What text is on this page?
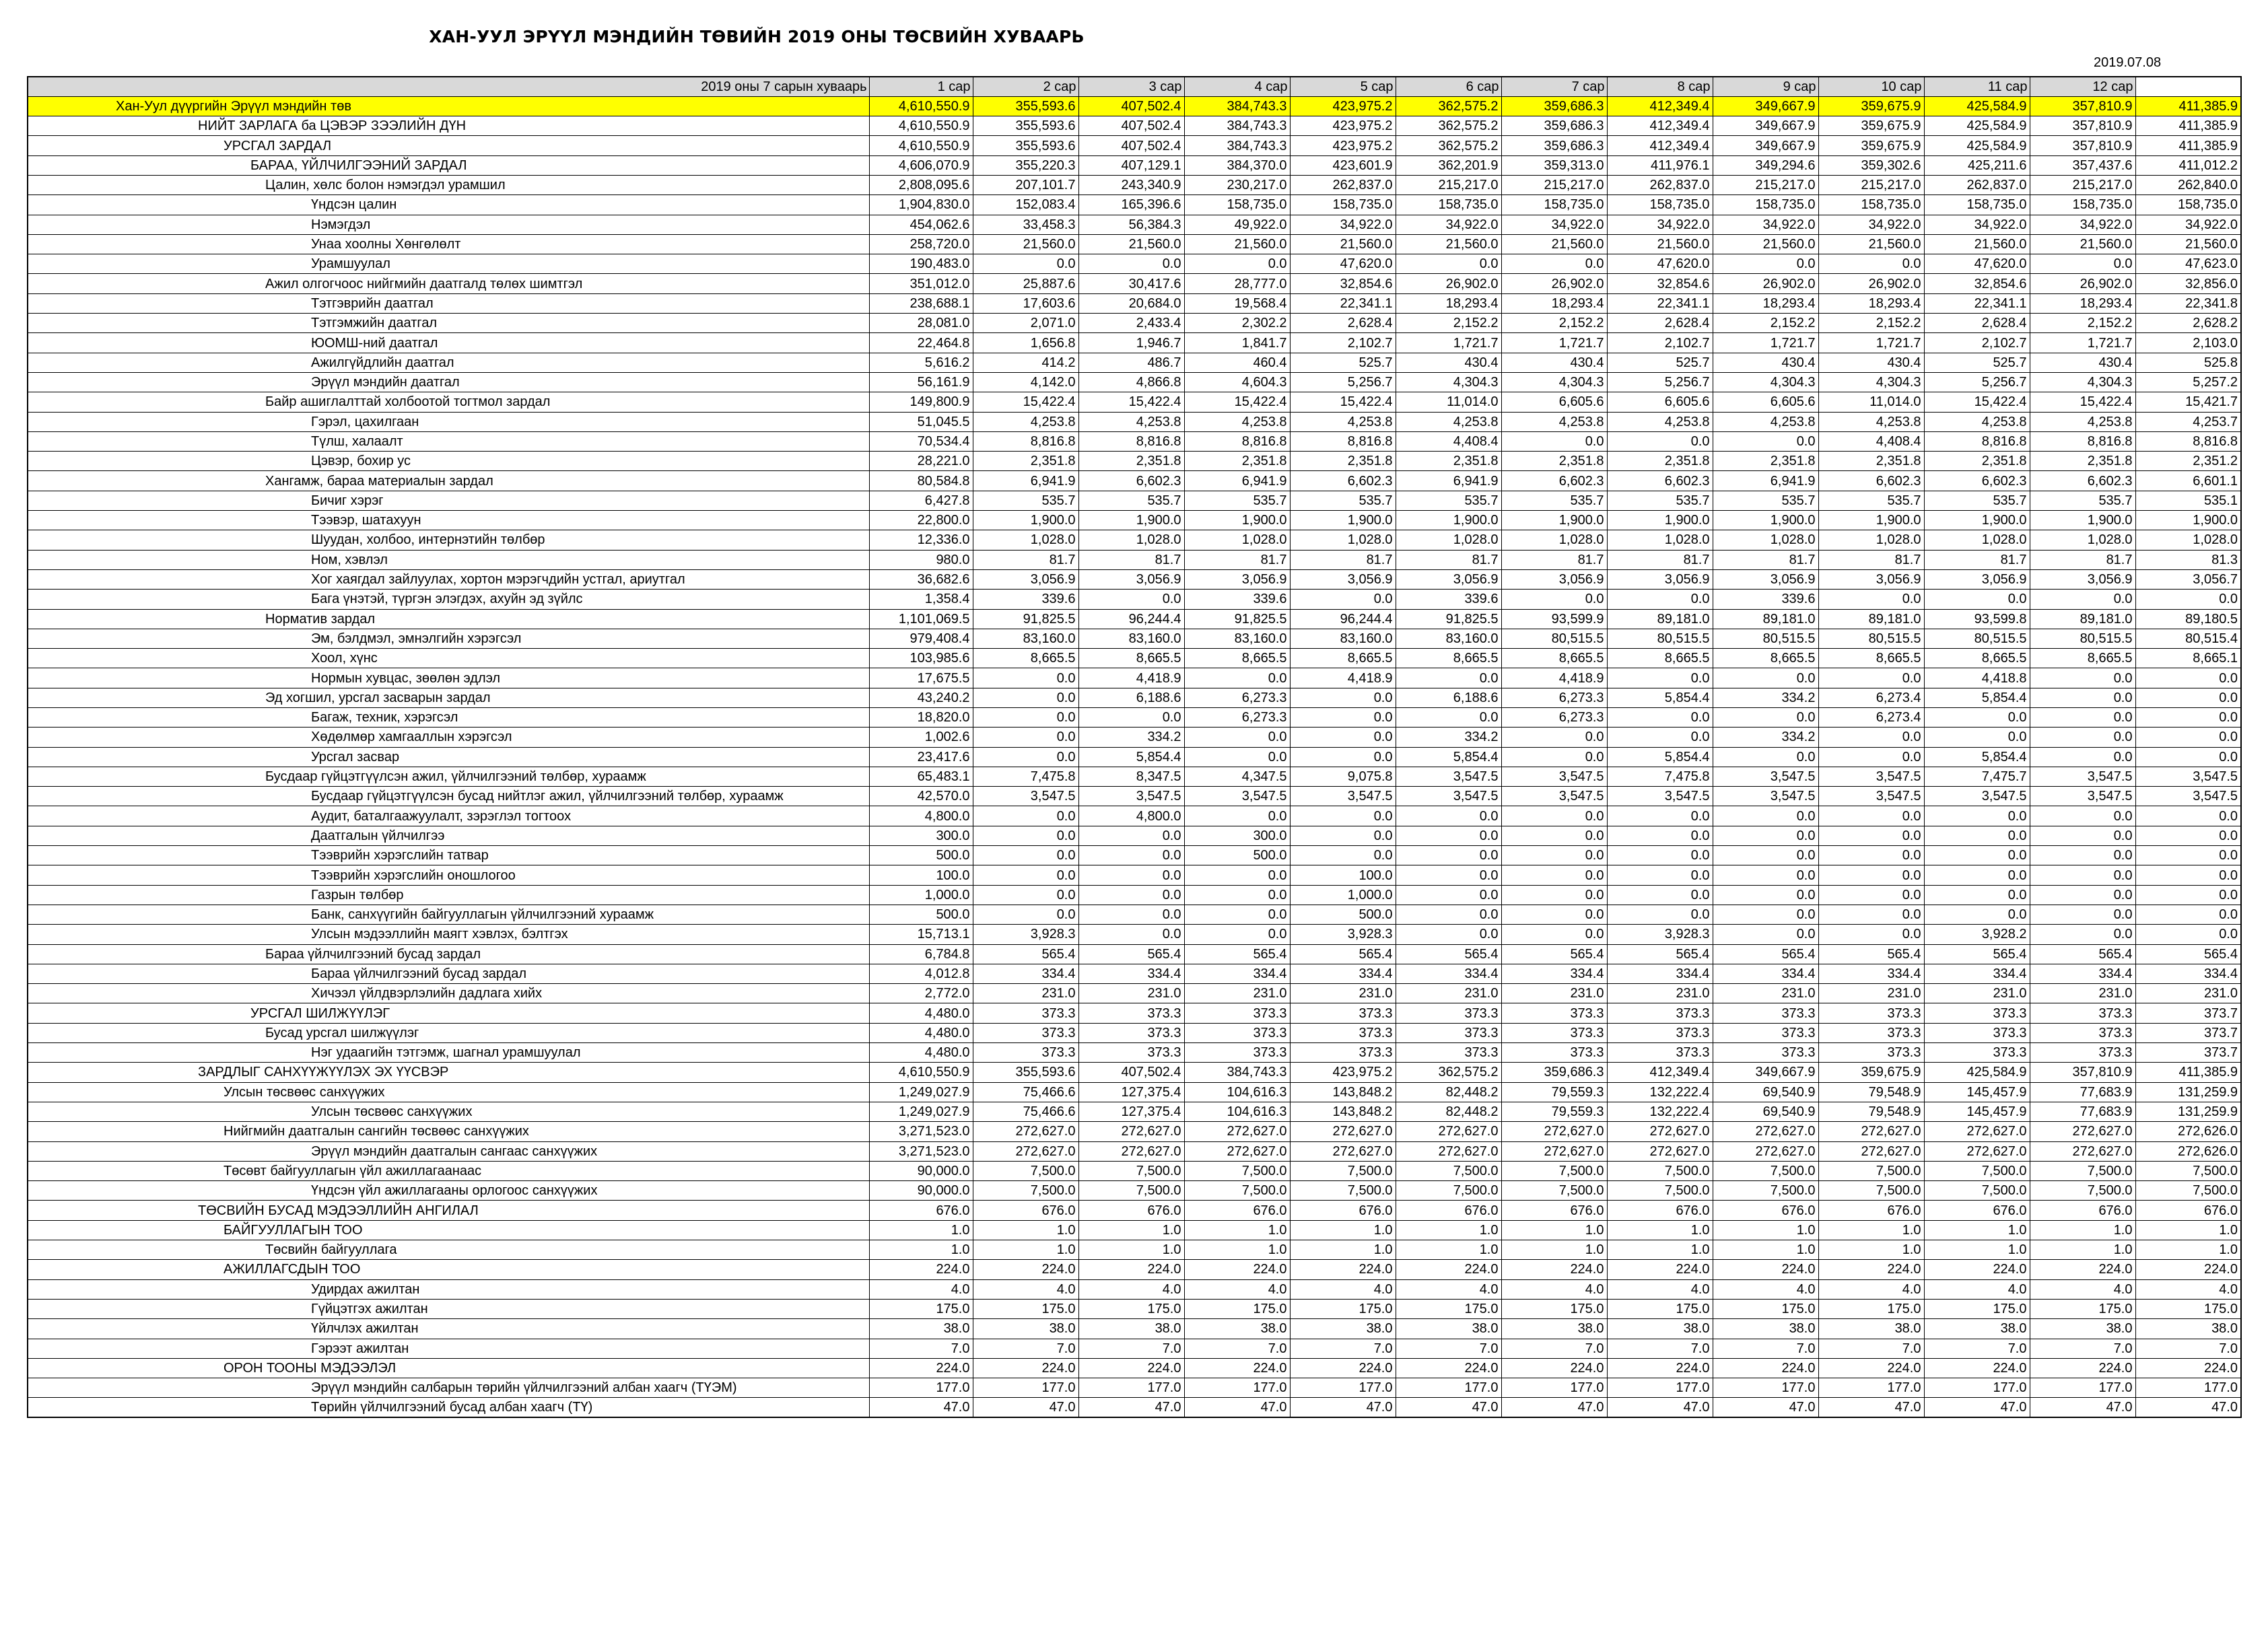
ХАН-УУЛ ЭРҮҮЛ МЭНДИЙН ТӨВИЙН 2019 ОНЫ ТӨСВИЙН ХУВААРЬ
2019.07.08
2019 оны 7 сарын хуваарь	1 сар	2 сар	3 сар	4 сар	5 сар	6 сар	7 сар	8 сар	9 сар	10 сар	11 сар	12 сар	
Хан-Уул дүүргийн Эрүүл мэндийн төв	4,610,550.9	355,593.6	407,502.4	384,743.3	423,975.2	362,575.2	359,686.3	412,349.4	349,667.9	359,675.9	425,584.9	357,810.9	411,385.9
НИЙТ ЗАРЛАГА ба ЦЭВЭР ЗЭЭЛИЙН ДҮН	4,610,550.9	355,593.6	407,502.4	384,743.3	423,975.2	362,575.2	359,686.3	412,349.4	349,667.9	359,675.9	425,584.9	357,810.9	411,385.9
УРСГАЛ ЗАРДАЛ	4,610,550.9	355,593.6	407,502.4	384,743.3	423,975.2	362,575.2	359,686.3	412,349.4	349,667.9	359,675.9	425,584.9	357,810.9	411,385.9
БАРАА, ҮЙЛЧИЛГЭЭНИЙ ЗАРДАЛ	4,606,070.9	355,220.3	407,129.1	384,370.0	423,601.9	362,201.9	359,313.0	411,976.1	349,294.6	359,302.6	425,211.6	357,437.6	411,012.2
Цалин, хөлс болон нэмэгдэл урамшил	2,808,095.6	207,101.7	243,340.9	230,217.0	262,837.0	215,217.0	215,217.0	262,837.0	215,217.0	215,217.0	262,837.0	215,217.0	262,840.0
Үндсэн цалин	1,904,830.0	152,083.4	165,396.6	158,735.0	158,735.0	158,735.0	158,735.0	158,735.0	158,735.0	158,735.0	158,735.0	158,735.0	158,735.0
Нэмэгдэл	454,062.6	33,458.3	56,384.3	49,922.0	34,922.0	34,922.0	34,922.0	34,922.0	34,922.0	34,922.0	34,922.0	34,922.0	34,922.0
Унаа хоолны Хөнгөлөлт	258,720.0	21,560.0	21,560.0	21,560.0	21,560.0	21,560.0	21,560.0	21,560.0	21,560.0	21,560.0	21,560.0	21,560.0	21,560.0
Урамшуулал	190,483.0	0.0	0.0	0.0	47,620.0	0.0	0.0	47,620.0	0.0	0.0	47,620.0	0.0	47,623.0
Ажил олгогчоос нийгмийн даатгалд төлөх шимтгэл	351,012.0	25,887.6	30,417.6	28,777.0	32,854.6	26,902.0	26,902.0	32,854.6	26,902.0	26,902.0	32,854.6	26,902.0	32,856.0
Тэтгэврийн даатгал	238,688.1	17,603.6	20,684.0	19,568.4	22,341.1	18,293.4	18,293.4	22,341.1	18,293.4	18,293.4	22,341.1	18,293.4	22,341.8
Тэтгэмжийн даатгал	28,081.0	2,071.0	2,433.4	2,302.2	2,628.4	2,152.2	2,152.2	2,628.4	2,152.2	2,152.2	2,628.4	2,152.2	2,628.2
ЮОМШ-ний даатгал	22,464.8	1,656.8	1,946.7	1,841.7	2,102.7	1,721.7	1,721.7	2,102.7	1,721.7	1,721.7	2,102.7	1,721.7	2,103.0
Ажилгүйдлийн даатгал	5,616.2	414.2	486.7	460.4	525.7	430.4	430.4	525.7	430.4	430.4	525.7	430.4	525.8
Эрүүл мэндийн даатгал	56,161.9	4,142.0	4,866.8	4,604.3	5,256.7	4,304.3	4,304.3	5,256.7	4,304.3	4,304.3	5,256.7	4,304.3	5,257.2
Байр ашиглалттай холбоотой тогтмол зардал	149,800.9	15,422.4	15,422.4	15,422.4	15,422.4	11,014.0	6,605.6	6,605.6	6,605.6	11,014.0	15,422.4	15,422.4	15,421.7
Гэрэл, цахилгаан	51,045.5	4,253.8	4,253.8	4,253.8	4,253.8	4,253.8	4,253.8	4,253.8	4,253.8	4,253.8	4,253.8	4,253.8	4,253.7
Түлш, халаалт	70,534.4	8,816.8	8,816.8	8,816.8	8,816.8	4,408.4	0.0	0.0	0.0	4,408.4	8,816.8	8,816.8	8,816.8
Цэвэр, бохир ус	28,221.0	2,351.8	2,351.8	2,351.8	2,351.8	2,351.8	2,351.8	2,351.8	2,351.8	2,351.8	2,351.8	2,351.8	2,351.2
Хангамж, бараа материалын зардал	80,584.8	6,941.9	6,602.3	6,941.9	6,602.3	6,941.9	6,602.3	6,602.3	6,941.9	6,602.3	6,602.3	6,602.3	6,601.1
Бичиг хэрэг	6,427.8	535.7	535.7	535.7	535.7	535.7	535.7	535.7	535.7	535.7	535.7	535.7	535.1
Тээвэр, шатахуун	22,800.0	1,900.0	1,900.0	1,900.0	1,900.0	1,900.0	1,900.0	1,900.0	1,900.0	1,900.0	1,900.0	1,900.0	1,900.0
Шуудан, холбоо, интернэтийн төлбөр	12,336.0	1,028.0	1,028.0	1,028.0	1,028.0	1,028.0	1,028.0	1,028.0	1,028.0	1,028.0	1,028.0	1,028.0	1,028.0
Ном, хэвлэл	980.0	81.7	81.7	81.7	81.7	81.7	81.7	81.7	81.7	81.7	81.7	81.7	81.3
Хог хаягдал зайлуулах, хортон мэрэгчдийн устгал, ариутгал	36,682.6	3,056.9	3,056.9	3,056.9	3,056.9	3,056.9	3,056.9	3,056.9	3,056.9	3,056.9	3,056.9	3,056.9	3,056.7
Бага үнэтэй, түргэн элэгдэх, ахуйн эд зүйлс	1,358.4	339.6	0.0	339.6	0.0	339.6	0.0	0.0	339.6	0.0	0.0	0.0	0.0
Норматив зардал	1,101,069.5	91,825.5	96,244.4	91,825.5	96,244.4	91,825.5	93,599.9	89,181.0	89,181.0	89,181.0	93,599.8	89,181.0	89,180.5
Эм, бэлдмэл, эмнэлгийн хэрэгсэл	979,408.4	83,160.0	83,160.0	83,160.0	83,160.0	83,160.0	80,515.5	80,515.5	80,515.5	80,515.5	80,515.5	80,515.5	80,515.4
Хоол, хүнс	103,985.6	8,665.5	8,665.5	8,665.5	8,665.5	8,665.5	8,665.5	8,665.5	8,665.5	8,665.5	8,665.5	8,665.5	8,665.1
Нормын хувцас, зөөлөн эдлэл	17,675.5	0.0	4,418.9	0.0	4,418.9	0.0	4,418.9	0.0	0.0	0.0	4,418.8	0.0	0.0
Эд хогшил, урсгал засварын зардал	43,240.2	0.0	6,188.6	6,273.3	0.0	6,188.6	6,273.3	5,854.4	334.2	6,273.4	5,854.4	0.0	0.0
Багаж, техник, хэрэгсэл	18,820.0	0.0	0.0	6,273.3	0.0	0.0	6,273.3	0.0	0.0	6,273.4	0.0	0.0	0.0
Хөдөлмөр хамгааллын хэрэгсэл	1,002.6	0.0	334.2	0.0	0.0	334.2	0.0	0.0	334.2	0.0	0.0	0.0	0.0
Урсгал засвар	23,417.6	0.0	5,854.4	0.0	0.0	5,854.4	0.0	5,854.4	0.0	0.0	5,854.4	0.0	0.0
Бусдаар гүйцэтгүүлсэн ажил, үйлчилгээний төлбөр, хураамж	65,483.1	7,475.8	8,347.5	4,347.5	9,075.8	3,547.5	3,547.5	7,475.8	3,547.5	3,547.5	7,475.7	3,547.5	3,547.5
Бусдаар гүйцэтгүүлсэн бусад нийтлэг ажил, үйлчилгээний төлбөр, хураамж	42,570.0	3,547.5	3,547.5	3,547.5	3,547.5	3,547.5	3,547.5	3,547.5	3,547.5	3,547.5	3,547.5	3,547.5	3,547.5
Аудит, баталгаажуулалт, зэрэглэл тогтоох	4,800.0	0.0	4,800.0	0.0	0.0	0.0	0.0	0.0	0.0	0.0	0.0	0.0	0.0
Даатгалын үйлчилгээ	300.0	0.0	0.0	300.0	0.0	0.0	0.0	0.0	0.0	0.0	0.0	0.0	0.0
Тээврийн хэрэгслийн татвар	500.0	0.0	0.0	500.0	0.0	0.0	0.0	0.0	0.0	0.0	0.0	0.0	0.0
Тээврийн хэрэгслийн оношлогоо	100.0	0.0	0.0	0.0	100.0	0.0	0.0	0.0	0.0	0.0	0.0	0.0	0.0
Газрын төлбөр	1,000.0	0.0	0.0	0.0	1,000.0	0.0	0.0	0.0	0.0	0.0	0.0	0.0	0.0
Банк, санхүүгийн байгууллагын үйлчилгээний хураамж	500.0	0.0	0.0	0.0	500.0	0.0	0.0	0.0	0.0	0.0	0.0	0.0	0.0
Улсын мэдээллийн маягт хэвлэх, бэлтгэх	15,713.1	3,928.3	0.0	0.0	3,928.3	0.0	0.0	3,928.3	0.0	0.0	3,928.2	0.0	0.0
Бараа үйлчилгээний бусад зардал	6,784.8	565.4	565.4	565.4	565.4	565.4	565.4	565.4	565.4	565.4	565.4	565.4	565.4
Бараа үйлчилгээний бусад зардал	4,012.8	334.4	334.4	334.4	334.4	334.4	334.4	334.4	334.4	334.4	334.4	334.4	334.4
Хичээл үйлдвэрлэлийн дадлага хийх	2,772.0	231.0	231.0	231.0	231.0	231.0	231.0	231.0	231.0	231.0	231.0	231.0	231.0
УРСГАЛ ШИЛЖҮҮЛЭГ	4,480.0	373.3	373.3	373.3	373.3	373.3	373.3	373.3	373.3	373.3	373.3	373.3	373.7
Бусад урсгал шилжүүлэг	4,480.0	373.3	373.3	373.3	373.3	373.3	373.3	373.3	373.3	373.3	373.3	373.3	373.7
Нэг удаагийн тэтгэмж, шагнал урамшуулал	4,480.0	373.3	373.3	373.3	373.3	373.3	373.3	373.3	373.3	373.3	373.3	373.3	373.7
ЗАРДЛЫГ САНХҮҮЖҮҮЛЭХ ЭХ ҮҮСВЭР	4,610,550.9	355,593.6	407,502.4	384,743.3	423,975.2	362,575.2	359,686.3	412,349.4	349,667.9	359,675.9	425,584.9	357,810.9	411,385.9
Улсын төсвөөс санхүүжих	1,249,027.9	75,466.6	127,375.4	104,616.3	143,848.2	82,448.2	79,559.3	132,222.4	69,540.9	79,548.9	145,457.9	77,683.9	131,259.9
Улсын төсвөөс санхүүжих	1,249,027.9	75,466.6	127,375.4	104,616.3	143,848.2	82,448.2	79,559.3	132,222.4	69,540.9	79,548.9	145,457.9	77,683.9	131,259.9
Нийгмийн даатгалын сангийн төсвөөс санхүүжих	3,271,523.0	272,627.0	272,627.0	272,627.0	272,627.0	272,627.0	272,627.0	272,627.0	272,627.0	272,627.0	272,627.0	272,627.0	272,626.0
Эрүүл мэндийн даатгалын сангаас санхүүжих	3,271,523.0	272,627.0	272,627.0	272,627.0	272,627.0	272,627.0	272,627.0	272,627.0	272,627.0	272,627.0	272,627.0	272,627.0	272,626.0
Төсөвт байгууллагын үйл ажиллагаанаас	90,000.0	7,500.0	7,500.0	7,500.0	7,500.0	7,500.0	7,500.0	7,500.0	7,500.0	7,500.0	7,500.0	7,500.0	7,500.0
Үндсэн үйл ажиллагааны орлогоос санхүүжих	90,000.0	7,500.0	7,500.0	7,500.0	7,500.0	7,500.0	7,500.0	7,500.0	7,500.0	7,500.0	7,500.0	7,500.0	7,500.0
ТӨСВИЙН БУСАД МЭДЭЭЛЛИЙН АНГИЛАЛ	676.0	676.0	676.0	676.0	676.0	676.0	676.0	676.0	676.0	676.0	676.0	676.0	676.0
БАЙГУУЛЛАГЫН ТОО	1.0	1.0	1.0	1.0	1.0	1.0	1.0	1.0	1.0	1.0	1.0	1.0	1.0
Төсвийн байгууллага	1.0	1.0	1.0	1.0	1.0	1.0	1.0	1.0	1.0	1.0	1.0	1.0	1.0
АЖИЛЛАГСДЫН ТОО	224.0	224.0	224.0	224.0	224.0	224.0	224.0	224.0	224.0	224.0	224.0	224.0	224.0
Удирдах ажилтан	4.0	4.0	4.0	4.0	4.0	4.0	4.0	4.0	4.0	4.0	4.0	4.0	4.0
Гүйцэтгэх ажилтан	175.0	175.0	175.0	175.0	175.0	175.0	175.0	175.0	175.0	175.0	175.0	175.0	175.0
Үйлчлэх ажилтан	38.0	38.0	38.0	38.0	38.0	38.0	38.0	38.0	38.0	38.0	38.0	38.0	38.0
Гэрээт ажилтан	7.0	7.0	7.0	7.0	7.0	7.0	7.0	7.0	7.0	7.0	7.0	7.0	7.0
ОРОН ТООНЫ МЭДЭЭЛЭЛ	224.0	224.0	224.0	224.0	224.0	224.0	224.0	224.0	224.0	224.0	224.0	224.0	224.0
Эрүүл мэндийн салбарын төрийн үйлчилгээний албан хаагч (ТҮЭМ)	177.0	177.0	177.0	177.0	177.0	177.0	177.0	177.0	177.0	177.0	177.0	177.0	177.0
Төрийн үйлчилгээний бусад албан хаагч (ТҮ)	47.0	47.0	47.0	47.0	47.0	47.0	47.0	47.0	47.0	47.0	47.0	47.0	47.0
